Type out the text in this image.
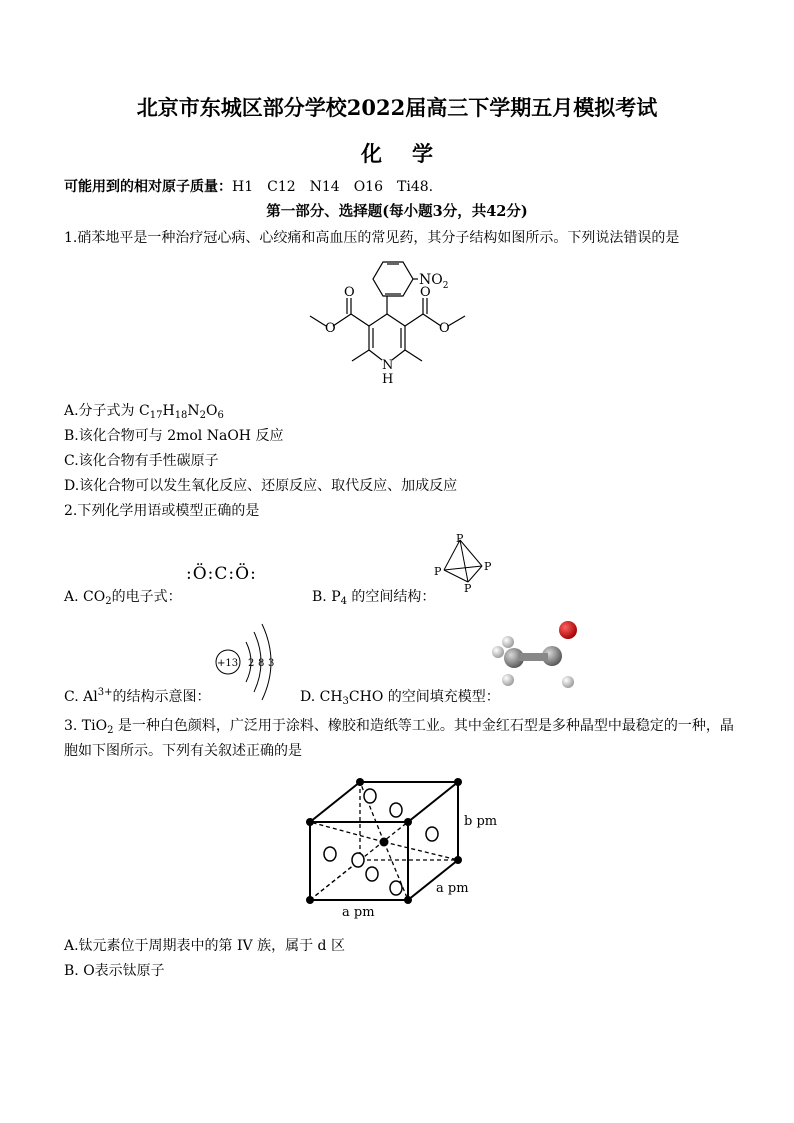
北京市东城区部分学校2022届高三下学期五月模拟考试
化学
可能用到的相对原子质量：H1　C12　N14　O16　Ti48.
第一部分、选择题(每小题3分，共42分)
1.硝苯地平是一种治疗冠心病、心绞痛和高血压的常见药，其分子结构如图所示。下列说法错误的是
$NO_2$
O
O
O
O
N
H
A.分子式为 $C_{17}H_{18}N_2O_6$
B.该化合物可与 2mol NaOH 反应
C.该化合物有手性碳原子
D.该化合物可以发生氧化反应、还原反应、取代反应、加成反应
2.下列化学用语或模型正确的是
A. $CO_2$的电子式：
:Ö:C:Ö:
B. $P_4$ 的空间结构：
P
P	P
P
C. $Al^{3+}$的结构示意图：
+13 2 8 3
D. $CH_3CHO$ 的空间填充模型：
3. TiO$_2$ 是一种白色颜料，广泛用于涂料、橡胶和造纸等工业。其中金红石型是多种晶型中最稳定的一种，晶
胞如下图所示。下列有关叙述正确的是
b pm
a pm
a pm
A.钛元素位于周期表中的第 IV 族，属于 d 区
B. O表示钛原子
